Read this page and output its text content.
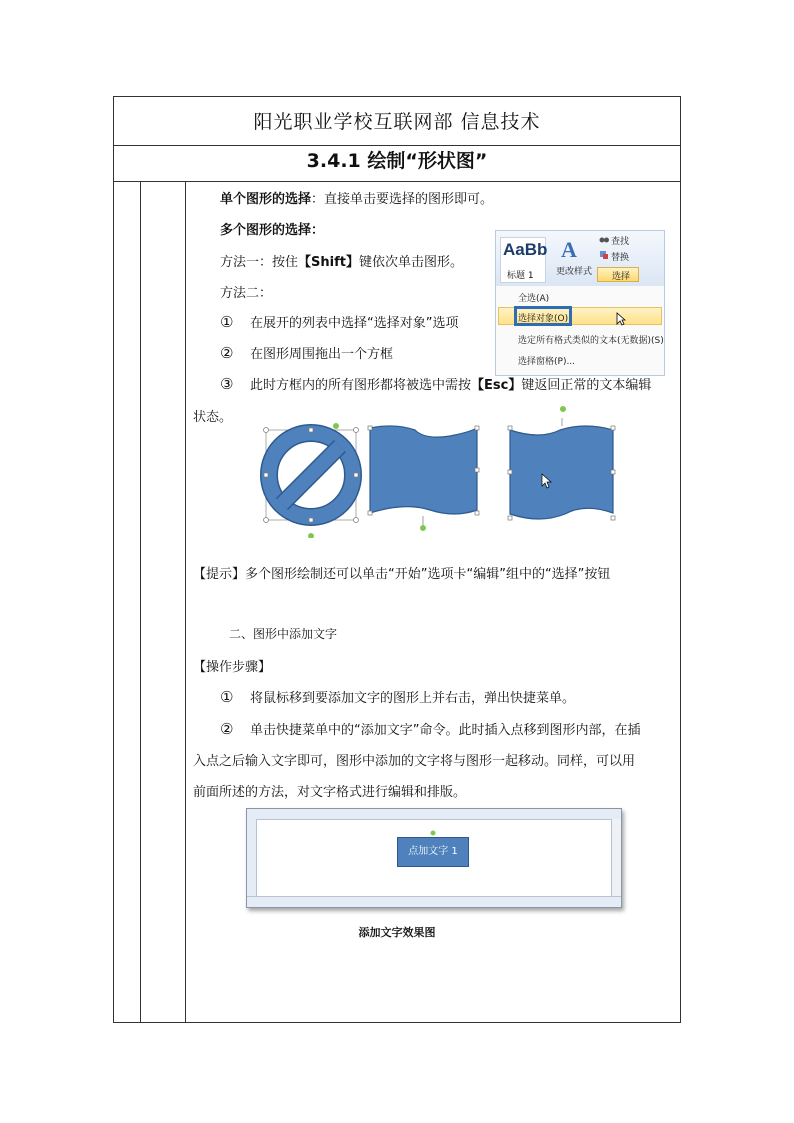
阳光职业学校互联网部 信息技术
3.4.1 绘制“形状图”
单个图形的选择：直接单击要选择的图形即可。
多个图形的选择：
方法一：按住【Shift】键依次单击图形。
方法二：
① 在展开的列表中选择“选择对象”选项
② 在图形周围拖出一个方框
③ 此时方框内的所有图形都将被选中需按【Esc】键返回正常的文本编辑
状态。
【提示】多个图形绘制还可以单击“开始”选项卡“编辑”组中的“选择”按钮
二、图形中添加文字
【操作步骤】
① 将鼠标移到要添加文字的图形上并右击，弹出快捷菜单。
② 单击快捷菜单中的“添加文字”命令。此时插入点移到图形内部，在插
入点之后输入文字即可，图形中添加的文字将与图形一起移动。同样，可以用
前面所述的方法，对文字格式进行编辑和排版。
AaBb
标题 1
A
更改样式
查找
替换
选择
全选(A)
选择对象(O)
选定所有格式类似的文本(无数据)(S)
选择窗格(P)...
点加文字 1
添加文字效果图
